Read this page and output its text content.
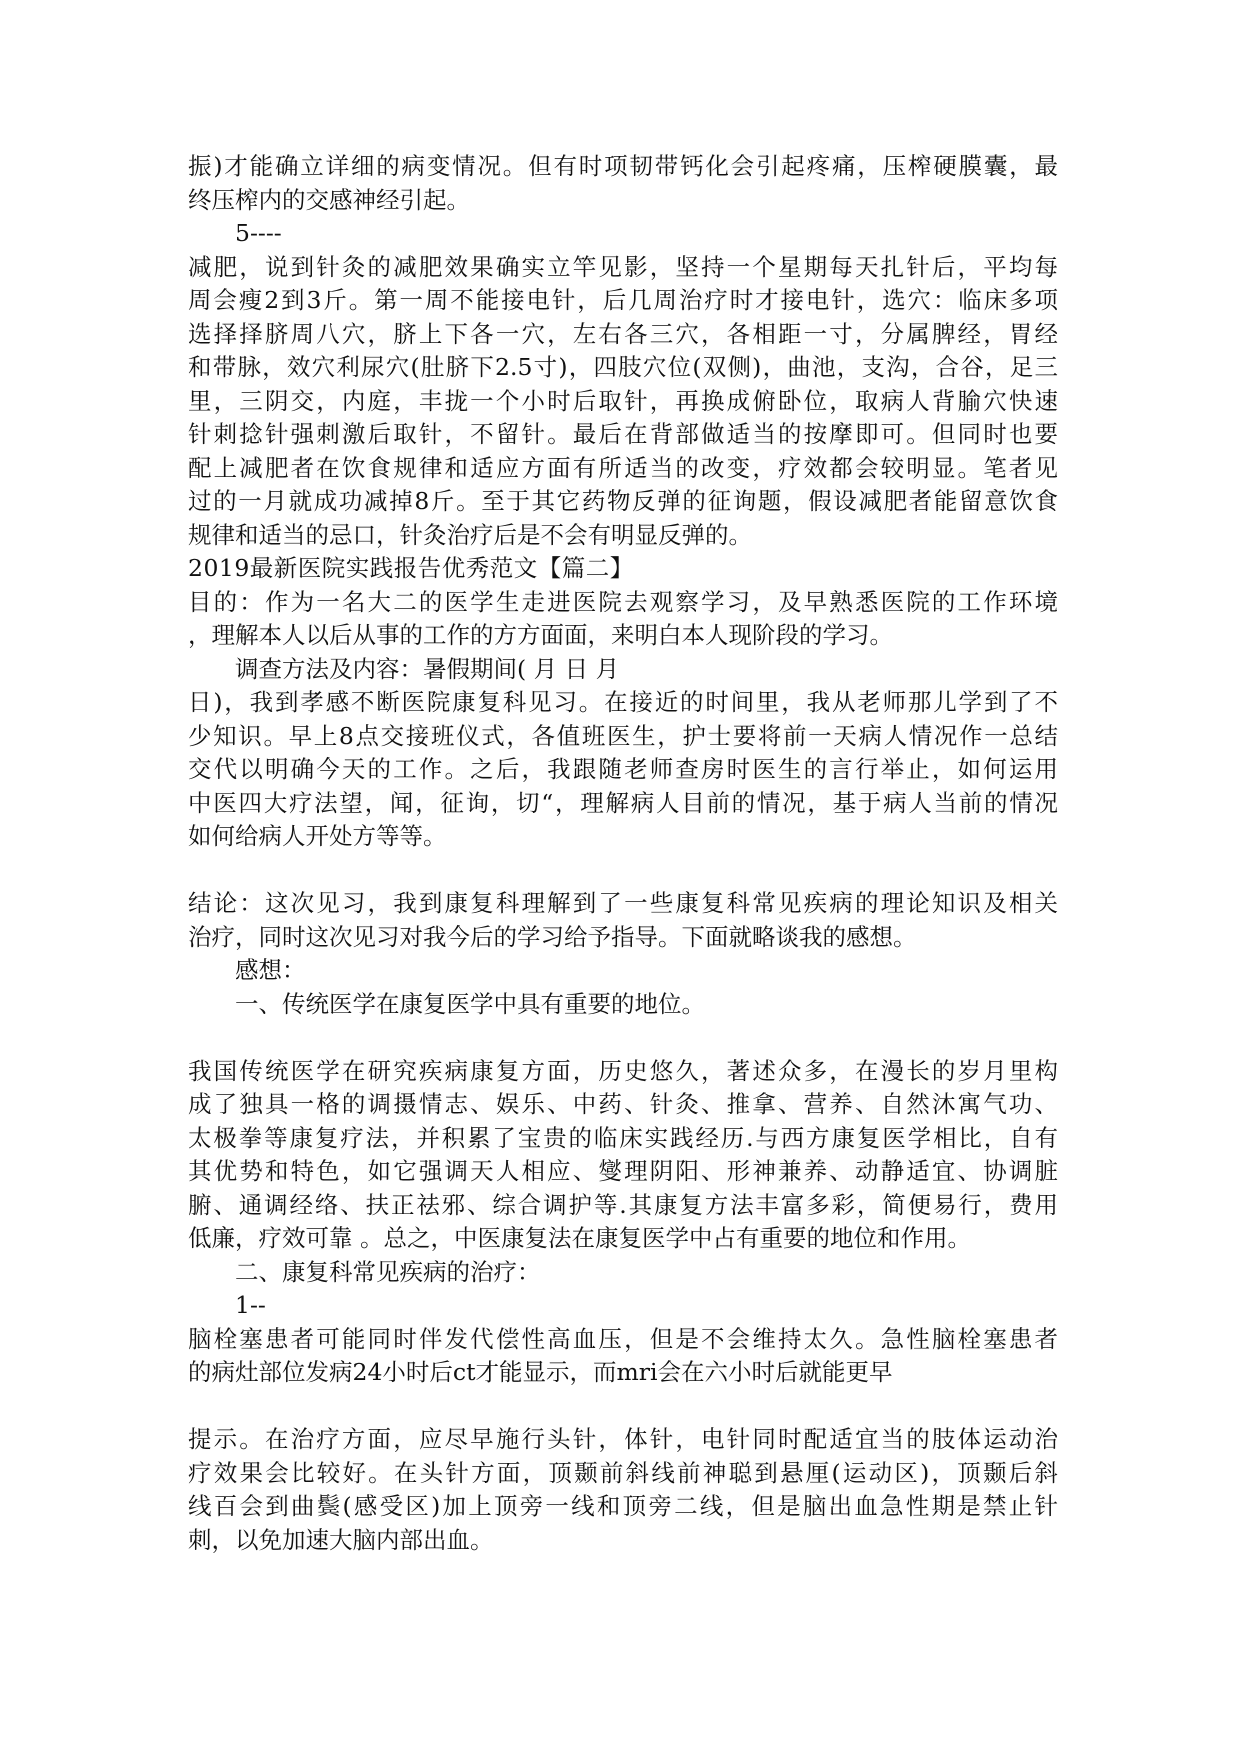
振)才能确立详细的病变情况。但有时项韧带钙化会引起疼痛，压榨硬膜囊，最
终压榨内的交感神经引起。
5----
减肥，说到针灸的减肥效果确实立竿见影，坚持一个星期每天扎针后，平均每
周会瘦2到3斤。第一周不能接电针，后几周治疗时才接电针，选穴：临床多项
选择择脐周八穴，脐上下各一穴，左右各三穴，各相距一寸，分属脾经，胃经
和带脉，效穴利尿穴(肚脐下2.5寸)，四肢穴位(双侧)，曲池，支沟，合谷，足三
里，三阴交，内庭，丰拢一个小时后取针，再换成俯卧位，取病人背腧穴快速
针刺捻针强刺激后取针，不留针。最后在背部做适当的按摩即可。但同时也要
配上减肥者在饮食规律和适应方面有所适当的改变，疗效都会较明显。笔者见
过的一月就成功减掉8斤。至于其它药物反弹的征询题，假设减肥者能留意饮食
规律和适当的忌口，针灸治疗后是不会有明显反弹的。
2019最新医院实践报告优秀范文【篇二】
目的：作为一名大二的医学生走进医院去观察学习，及早熟悉医院的工作环境
，理解本人以后从事的工作的方方面面，来明白本人现阶段的学习。
调查方法及内容：暑假期间( 月 日 月
日)，我到孝感不断医院康复科见习。在接近的时间里，我从老师那儿学到了不
少知识。早上8点交接班仪式，各值班医生，护士要将前一天病人情况作一总结
交代以明确今天的工作。之后，我跟随老师查房时医生的言行举止，如何运用
中医四大疗法望，闻，征询，切“，理解病人目前的情况，基于病人当前的情况
如何给病人开处方等等。
结论：这次见习，我到康复科理解到了一些康复科常见疾病的理论知识及相关
治疗，同时这次见习对我今后的学习给予指导。下面就略谈我的感想。
感想：
一、传统医学在康复医学中具有重要的地位。
我国传统医学在研究疾病康复方面，历史悠久，著述众多，在漫长的岁月里构
成了独具一格的调摄情志、娱乐、中药、针灸、推拿、营养、自然沐寓气功、
太极拳等康复疗法，并积累了宝贵的临床实践经历.与西方康复医学相比，自有
其优势和特色，如它强调天人相应、燮理阴阳、形神兼养、动静适宜、协调脏
腑、通调经络、扶正祛邪、综合调护等.其康复方法丰富多彩，简便易行，费用
低廉，疗效可靠 。总之，中医康复法在康复医学中占有重要的地位和作用。
二、康复科常见疾病的治疗：
1--
脑栓塞患者可能同时伴发代偿性高血压，但是不会维持太久。急性脑栓塞患者
的病灶部位发病24小时后ct才能显示，而mri会在六小时后就能更早
提示。在治疗方面，应尽早施行头针，体针，电针同时配适宜当的肢体运动治
疗效果会比较好。在头针方面，顶颞前斜线前神聪到悬厘(运动区)，顶颞后斜
线百会到曲鬓(感受区)加上顶旁一线和顶旁二线，但是脑出血急性期是禁止针
刺，以免加速大脑内部出血。
